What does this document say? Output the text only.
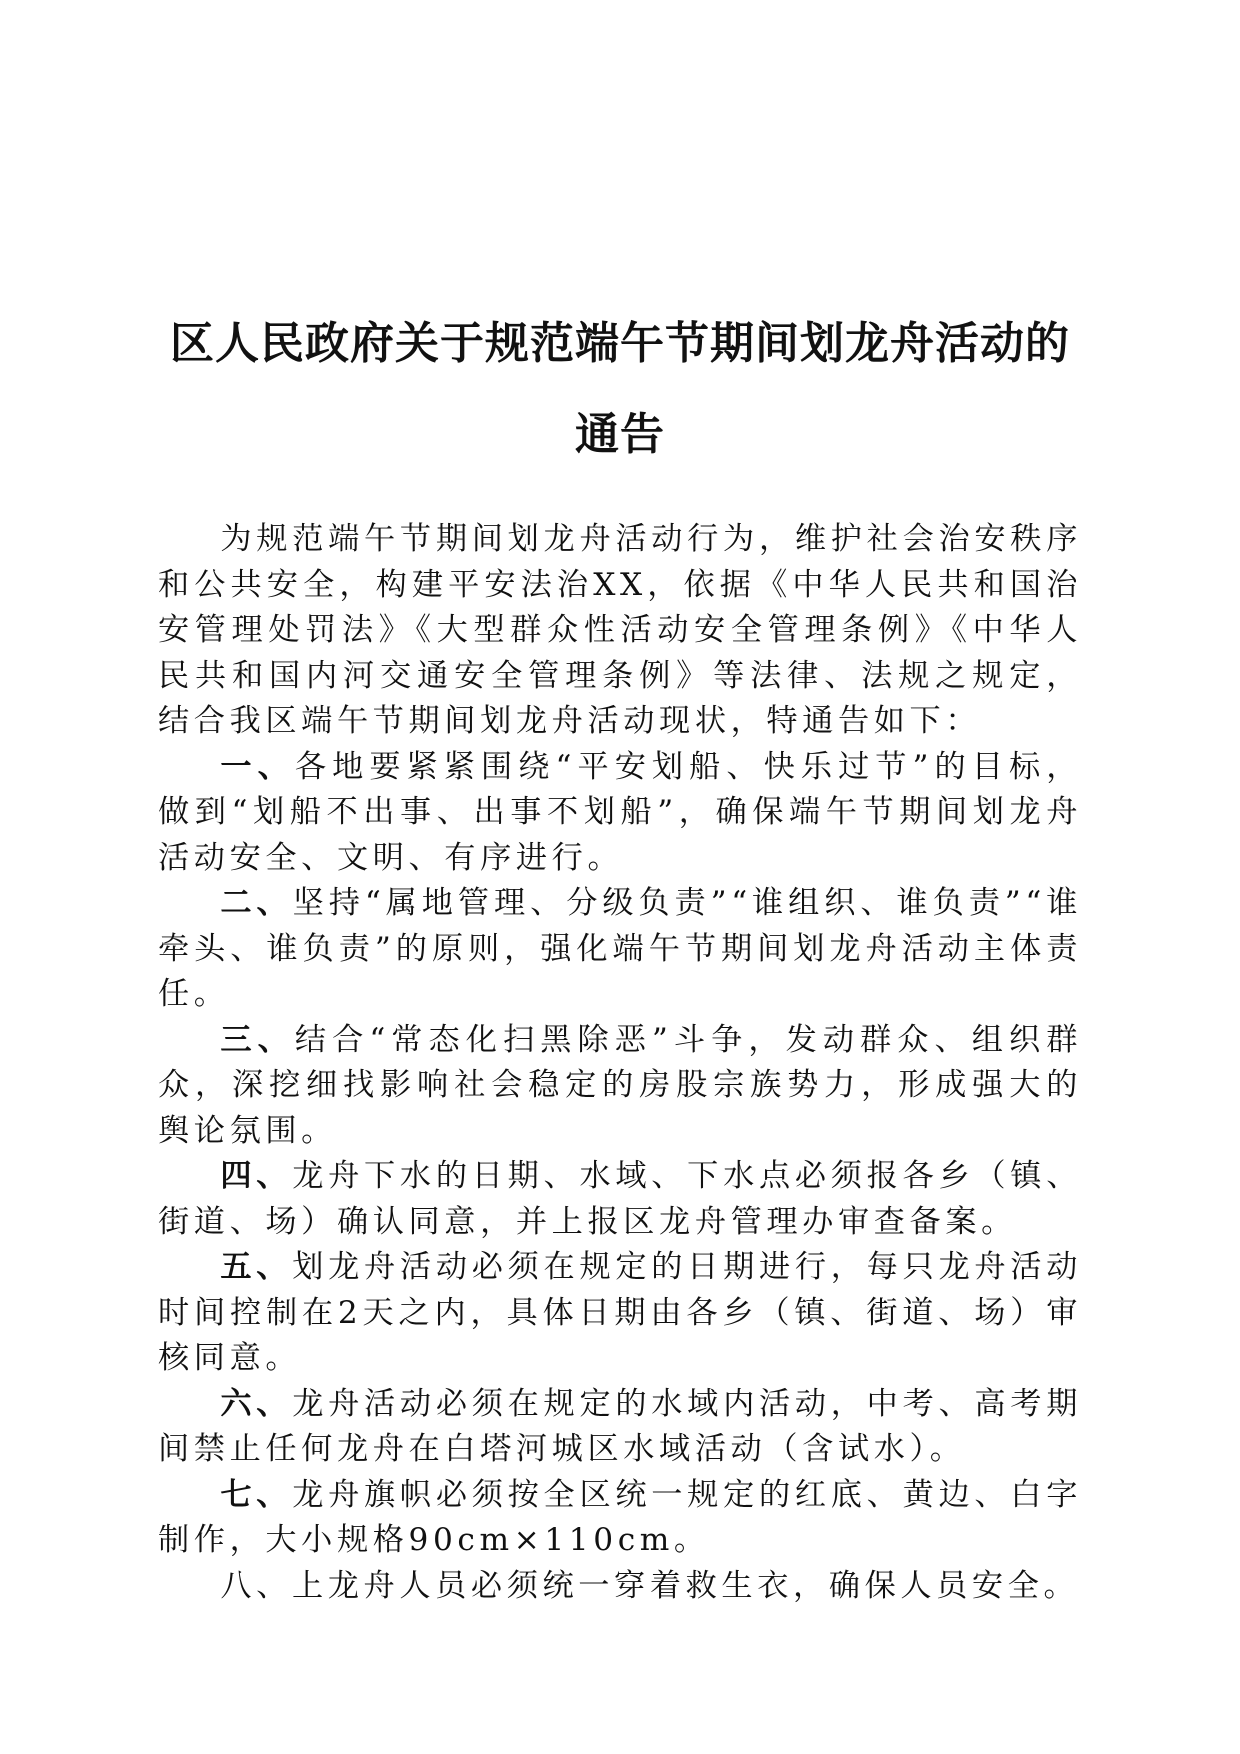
区人民政府关于规范端午节期间划龙舟活动的通告

为规范端午节期间划龙舟活动行为，维护社会治安秩序和公共安全，构建平安法治XX，依据《中华人民共和国治安管理处罚法》《大型群众性活动安全管理条例》《中华人民共和国内河交通安全管理条例》等法律、法规之规定，结合我区端午节期间划龙舟活动现状，特通告如下：

一、各地要紧紧围绕“平安划船、快乐过节”的目标，做到“划船不出事、出事不划船”，确保端午节期间划龙舟活动安全、文明、有序进行。

二、坚持“属地管理、分级负责”“谁组织、谁负责”“谁牵头、谁负责”的原则，强化端午节期间划龙舟活动主体责任。

三、结合“常态化扫黑除恶”斗争，发动群众、组织群众，深挖细找影响社会稳定的房股宗族势力，形成强大的舆论氛围。

四、龙舟下水的日期、水域、下水点必须报各乡（镇、街道、场）确认同意，并上报区龙舟管理办审查备案。

五、划龙舟活动必须在规定的日期进行，每只龙舟活动时间控制在2天之内，具体日期由各乡（镇、街道、场）审核同意。

六、龙舟活动必须在规定的水域内活动，中考、高考期间禁止任何龙舟在白塔河城区水域活动（含试水）。

七、龙舟旗帜必须按全区统一规定的红底、黄边、白字制作，大小规格90cm×110cm。

八、上龙舟人员必须统一穿着救生衣，确保人员安全。
